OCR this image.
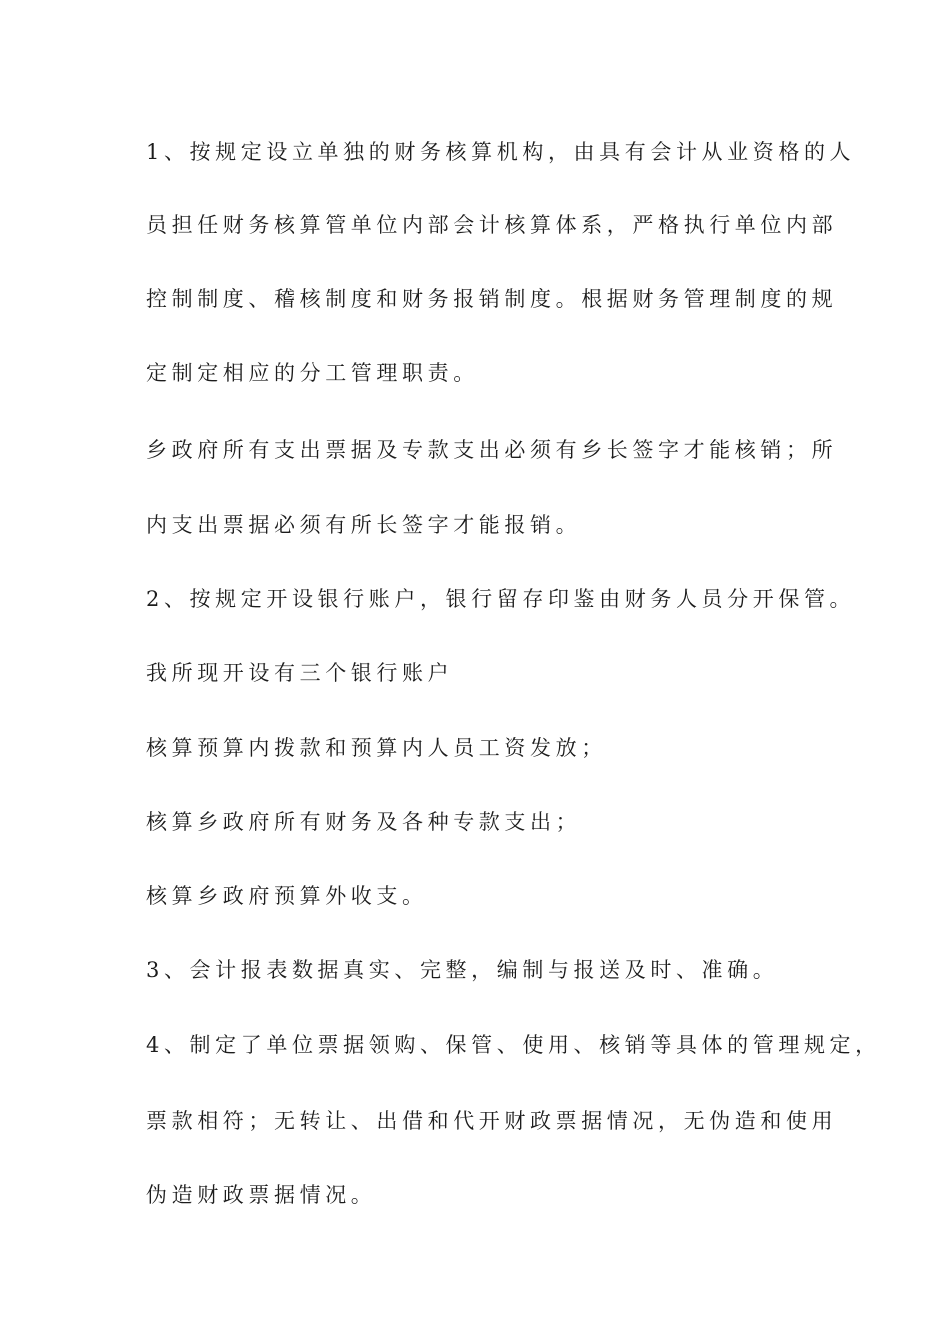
1、按规定设立单独的财务核算机构，由具有会计从业资格的人

员担任财务核算管单位内部会计核算体系，严格执行单位内部

控制制度、稽核制度和财务报销制度。根据财务管理制度的规

定制定相应的分工管理职责。

乡政府所有支出票据及专款支出必须有乡长签字才能核销；所

内支出票据必须有所长签字才能报销。

2、按规定开设银行账户，银行留存印鉴由财务人员分开保管。

我所现开设有三个银行账户

核算预算内拨款和预算内人员工资发放；

核算乡政府所有财务及各种专款支出；

核算乡政府预算外收支。

3、会计报表数据真实、完整，编制与报送及时、准确。

4、制定了单位票据领购、保管、使用、核销等具体的管理规定，

票款相符；无转让、出借和代开财政票据情况，无伪造和使用

伪造财政票据情况。
